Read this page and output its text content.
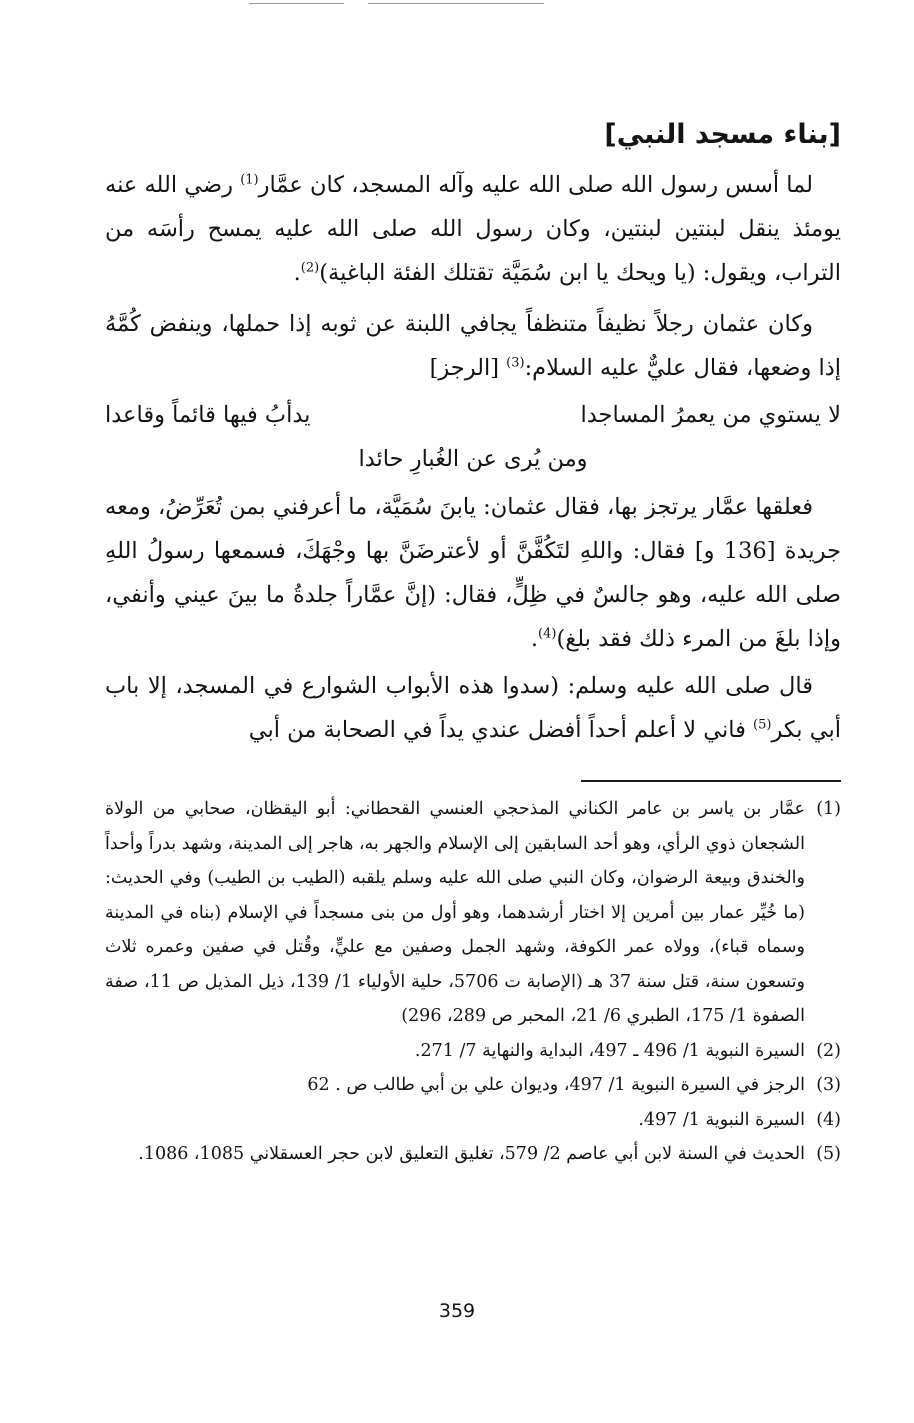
[بناء مسجد النبي]

لما أسس رسول الله صلى الله عليه وآله المسجد، كان عمَّار$^{(1)}$ رضي الله عنه يومئذ ينقل لبنتين لبنتين، وكان رسول الله صلى الله عليه يمسح رأسَه من التراب، ويقول: (يا ويحك يا ابن سُمَيَّة تقتلك الفئة الباغية)$^{(2)}$.

وكان عثمان رجلاً نظيفاً متنظفاً يجافي اللبنة عن ثوبه إذا حملها، وينفض كُمَّهُ إذا وضعها، فقال عليٌّ عليه السلام:$^{(3)}$ [الرجز]

لا يستوي من يعمرُ المساجدا
يدأبُ فيها قائماً وقاعدا
ومن يُرى عن الغُبارِ حائدا

فعلقها عمَّار يرتجز بها، فقال عثمان: يابنَ سُمَيَّة، ما أعرفني بمن تُعَرِّضُ، ومعه جريدة [136 و] فقال: واللهِ لتَكُفَّنَّ أو لأعترضَنَّ بها وجْهَكَ، فسمعها رسولُ اللهِ صلى الله عليه، وهو جالسٌ في ظِلٍّ، فقال: (إنَّ عمَّاراً جلدةُ ما بينَ عيني وأنفي، وإذا بلغَ من المرء ذلك فقد بلغ)$^{(4)}$.

قال صلى الله عليه وسلم: (سدوا هذه الأبواب الشوارع في المسجد، إلا باب أبي بكر$^{(5)}$ فاني لا أعلم أحداً أفضل عندي يداً في الصحابة من أبي

(1)
عمَّار بن ياسر بن عامر الكناني المذحجي العنسي القحطاني: أبو اليقظان، صحابي من الولاة الشجعان ذوي الرأي، وهو أحد السابقين إلى الإسلام والجهر به، هاجر إلى المدينة، وشهد بدراً وأحداً والخندق وبيعة الرضوان، وكان النبي صلى الله عليه وسلم يلقبه (الطيب بن الطيب) وفي الحديث: (ما خُيِّر عمار بين أمرين إلا اختار أرشدهما، وهو أول من بنى مسجداً في الإسلام (بناه في المدينة وسماه قباء)، وولاه عمر الكوفة، وشهد الجمل وصفين مع عليٍّ، وقُتل في صفين وعمره ثلاث وتسعون سنة، قتل سنة 37 هـ (الإصابة ت 5706، حلية الأولياء 1/ 139، ذيل المذيل ص 11، صفة الصفوة 1/ 175، الطبري 6/ 21، المحبر ص 289، 296)
(2)
السيرة النبوية 1/ 496 ـ 497، البداية والنهاية 7/ 271.
(3)
الرجز في السيرة النبوية 1/ 497، وديوان علي بن أبي طالب ص . 62
(4)
السيرة النبوية 1/ 497.
(5)
الحديث في السنة لابن أبي عاصم 2/ 579، تغليق التعليق لابن حجر العسقلاني 1085، 1086.
359
